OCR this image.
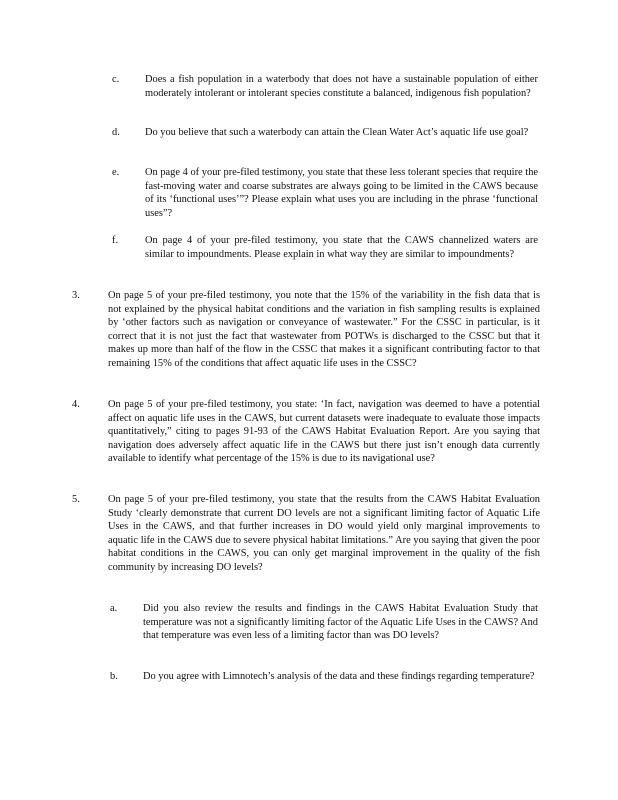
c. Does a fish population in a waterbody that does not have a sustainable population of either moderately intolerant or intolerant species constitute a balanced, indigenous fish population?
d. Do you believe that such a waterbody can attain the Clean Water Act’s aquatic life use goal?
e. On page 4 of your pre-filed testimony, you state that these less tolerant species that require the fast-moving water and coarse substrates are always going to be limited in the CAWS because of its ‘functional uses’”? Please explain what uses you are including in the phrase ‘functional uses”?
f.	On page 4 of your pre-filed testimony, you state that the CAWS channelized waters are similar to impoundments. Please explain in what way they are similar to impoundments?
3.	On page 5 of your pre-filed testimony, you note that the 15% of the variability in the fish data that is not explained by the physical habitat conditions and the variation in fish sampling results is explained by ‘other factors such as navigation or conveyance of wastewater.” For the CSSC in particular, is it correct that it is not just the fact that wastewater from POTWs is discharged to the CSSC but that it makes up more than half of the flow in the CSSC that makes it a significant contributing factor to that remaining 15% of the conditions that affect aquatic life uses in the CSSC?
4.	On page 5 of your pre-filed testimony, you state: ‘In fact, navigation was deemed to have a potential affect on aquatic life uses in the CAWS, but current datasets were inadequate to evaluate those impacts quantitatively,” citing to pages 91-93 of the CAWS Habitat Evaluation Report. Are you saying that navigation does adversely affect aquatic life in the CAWS but there just isn’t enough data currently available to identify what percentage of the 15% is due to its navigational use?
5.	On page 5 of your pre-filed testimony, you state that the results from the CAWS Habitat Evaluation Study ‘clearly demonstrate that current DO levels are not a significant limiting factor of Aquatic Life Uses in the CAWS, and that further increases in DO would yield only marginal improvements to aquatic life in the CAWS due to severe physical habitat limitations.” Are you saying that given the poor habitat conditions in the CAWS, you can only get marginal improvement in the quality of the fish community by increasing DO levels?
a. Did you also review the results and findings in the CAWS Habitat Evaluation Study that temperature was not a significantly limiting factor of the Aquatic Life Uses in the CAWS? And that temperature was even less of a limiting factor than was DO levels?
b. Do you agree with Limnotech’s analysis of the data and these findings regarding temperature?
